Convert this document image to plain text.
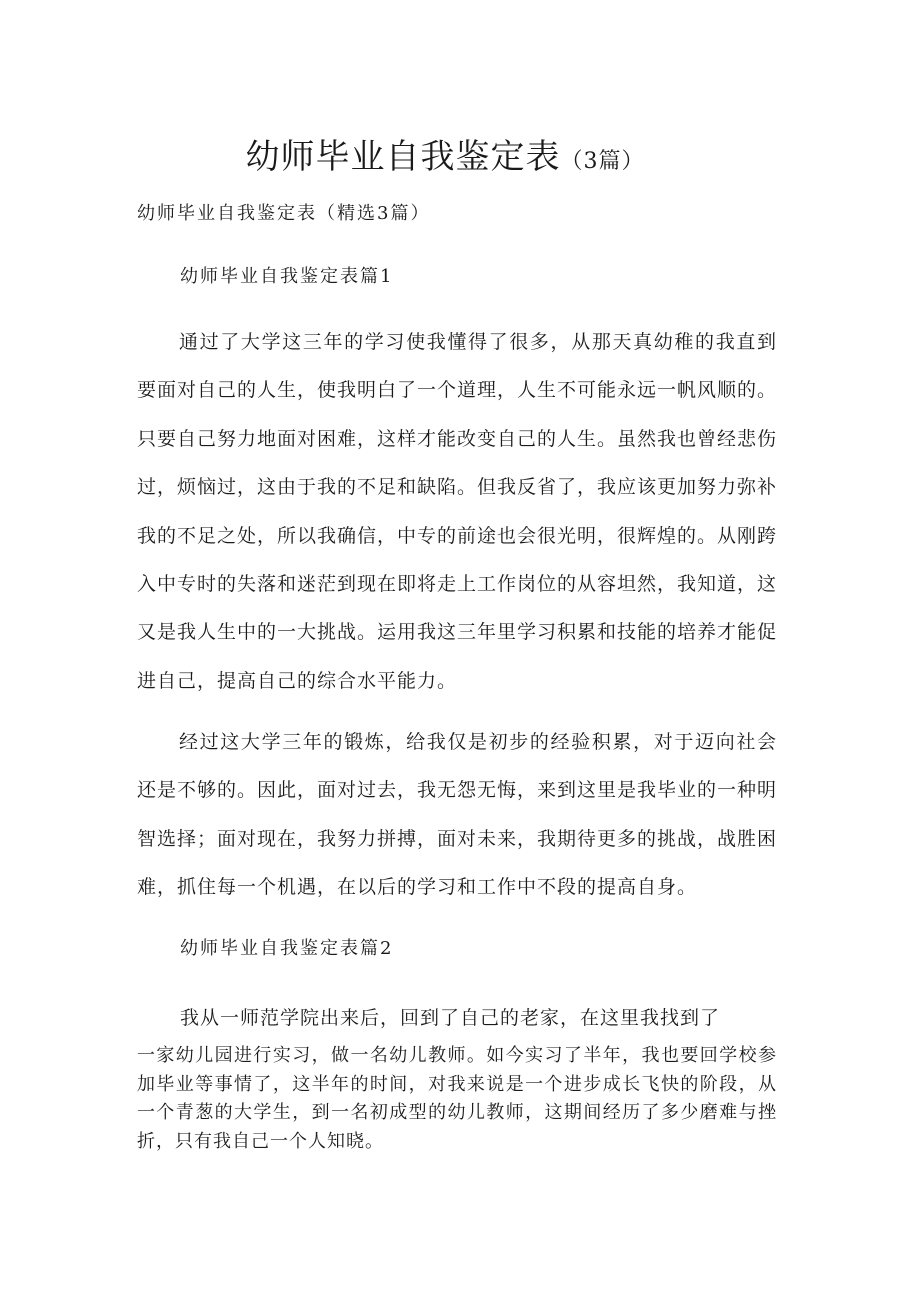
幼师毕业自我鉴定表（3篇）
幼师毕业自我鉴定表（精选3篇）
幼师毕业自我鉴定表篇1
通过了大学这三年的学习使我懂得了很多，从那天真幼稚的我直到要面对自己的人生，使我明白了一个道理，人生不可能永远一帆风顺的。只要自己努力地面对困难，这样才能改变自己的人生。虽然我也曾经悲伤过，烦恼过，这由于我的不足和缺陷。但我反省了，我应该更加努力弥补我的不足之处，所以我确信，中专的前途也会很光明，很辉煌的。从刚跨入中专时的失落和迷茫到现在即将走上工作岗位的从容坦然，我知道，这又是我人生中的一大挑战。运用我这三年里学习积累和技能的培养才能促进自己，提高自己的综合水平能力。
经过这大学三年的锻炼，给我仅是初步的经验积累，对于迈向社会还是不够的。因此，面对过去，我无怨无悔，来到这里是我毕业的一种明智选择；面对现在，我努力拼搏，面对未来，我期待更多的挑战，战胜困难，抓住每一个机遇，在以后的学习和工作中不段的提高自身。
幼师毕业自我鉴定表篇2
我从一师范学院出来后，回到了自己的老家，在这里我找到了
一家幼儿园进行实习，做一名幼儿教师。如今实习了半年，我也要回学校参加毕业等事情了，这半年的时间，对我来说是一个进步成长飞快的阶段，从一个青葱的大学生，到一名初成型的幼儿教师，这期间经历了多少磨难与挫折，只有我自己一个人知晓。
